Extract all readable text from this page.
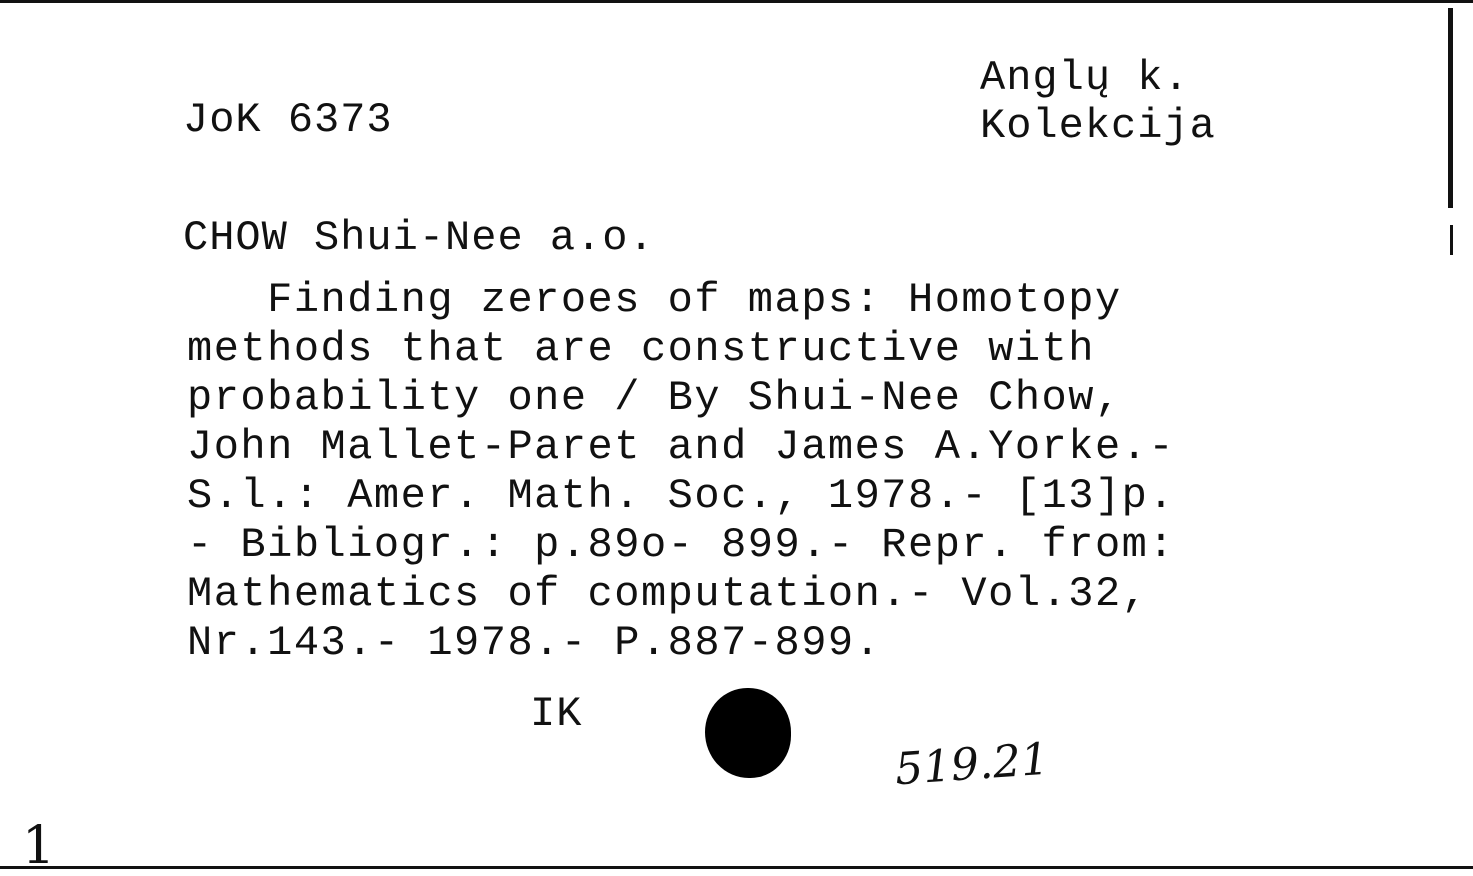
JoK 6373
Anglų k.
Kolekcija
CHOW Shui-Nee a.o.
Finding zeroes of maps: Homotopy
methods that are constructive with
probability one / By Shui-Nee Chow,
John Mallet-Paret and James A.Yorke.-
S.l.: Amer. Math. Soc., 1978.- [13]p.
- Bibliogr.: p.89o- 899.- Repr. from:
Mathematics of computation.- Vol.32,
Nr.143.- 1978.- P.887-899.
IK
519.21
1
